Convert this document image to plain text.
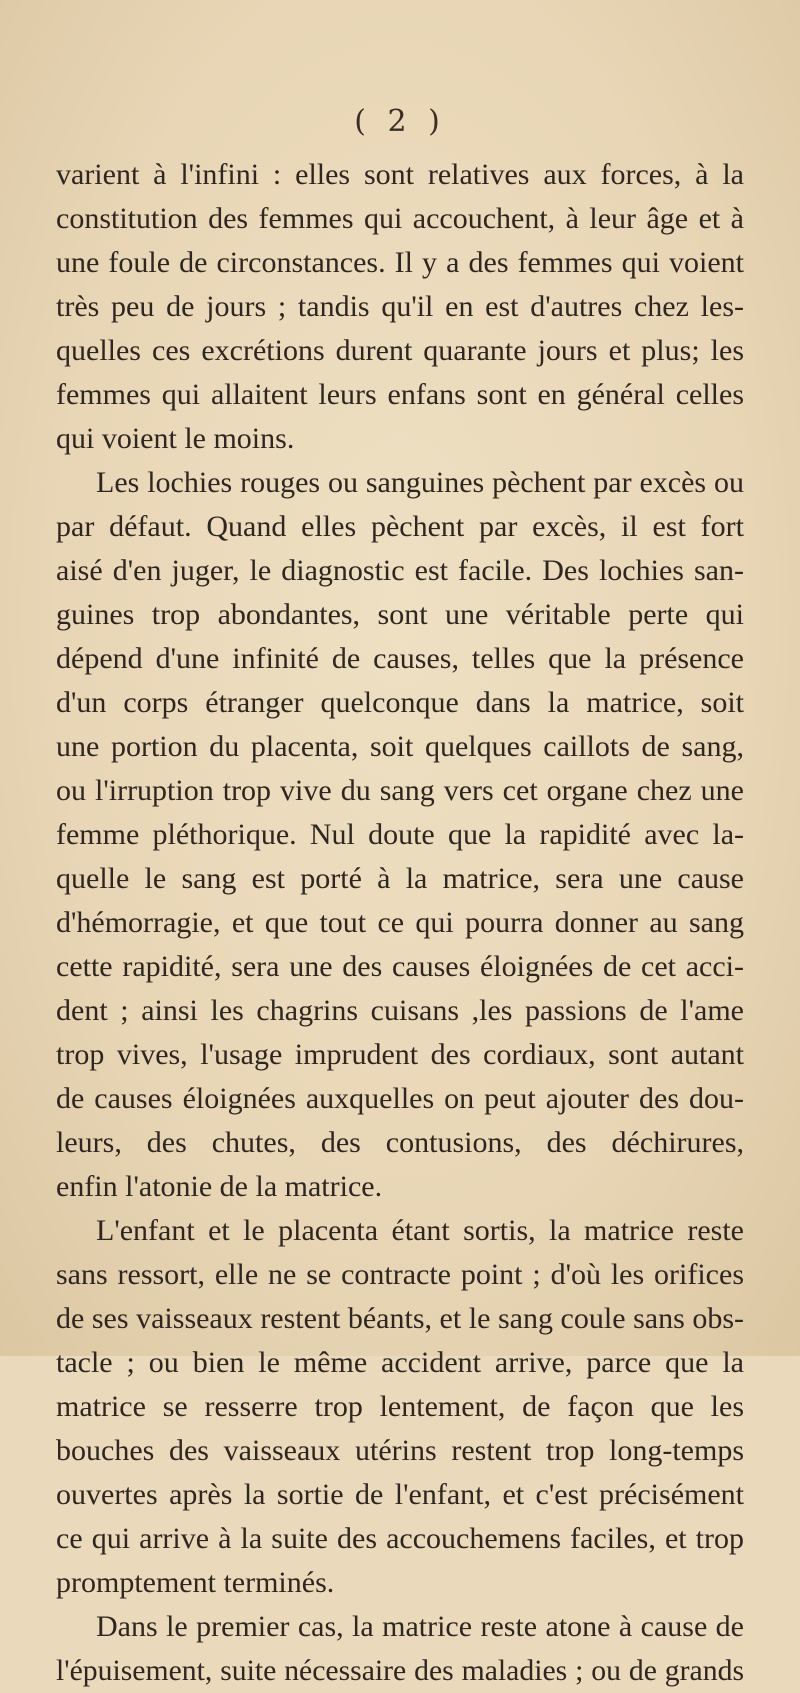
( 2 )
varient à l'infini : elles sont relatives aux forces, à la
constitution des femmes qui accouchent, à leur âge et à
une foule de circonstances. Il y a des femmes qui voient
très peu de jours ; tandis qu'il en est d'autres chez les-
quelles ces excrétions durent quarante jours et plus; les
femmes qui allaitent leurs enfans sont en général celles
qui voient le moins.
Les lochies rouges ou sanguines pèchent par excès ou
par défaut. Quand elles pèchent par excès, il est fort
aisé d'en juger, le diagnostic est facile. Des lochies san-
guines trop abondantes, sont une véritable perte qui
dépend d'une infinité de causes, telles que la présence
d'un corps étranger quelconque dans la matrice, soit
une portion du placenta, soit quelques caillots de sang,
ou l'irruption trop vive du sang vers cet organe chez une
femme pléthorique. Nul doute que la rapidité avec la-
quelle le sang est porté à la matrice, sera une cause
d'hémorragie, et que tout ce qui pourra donner au sang
cette rapidité, sera une des causes éloignées de cet acci-
dent ; ainsi les chagrins cuisans ,les passions de l'ame
trop vives, l'usage imprudent des cordiaux, sont autant
de causes éloignées auxquelles on peut ajouter des dou-
leurs, des chutes, des contusions, des déchirures,
enfin l'atonie de la matrice.
L'enfant et le placenta étant sortis, la matrice reste
sans ressort, elle ne se contracte point ; d'où les orifices
de ses vaisseaux restent béants, et le sang coule sans obs-
tacle ; ou bien le même accident arrive, parce que la
matrice se resserre trop lentement, de façon que les
bouches des vaisseaux utérins restent trop long-temps
ouvertes après la sortie de l'enfant, et c'est précisément
ce qui arrive à la suite des accouchemens faciles, et trop
promptement terminés.
Dans le premier cas, la matrice reste atone à cause de
l'épuisement, suite nécessaire des maladies ; ou de grands
